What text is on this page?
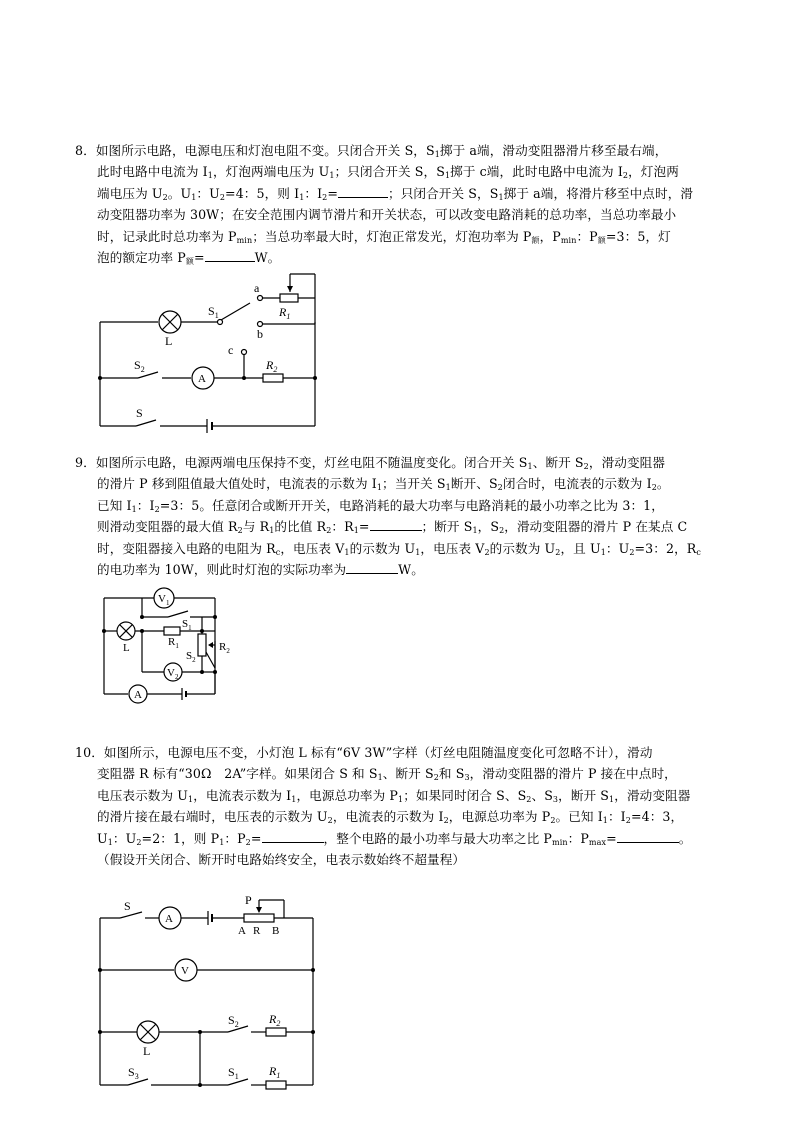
8．如图所示电路，电源电压和灯泡电阻不变。只闭合开关 S，$S_1$掷于 a端，滑动变阻器滑片移至最右端，

此时电路中电流为 $I_1$，灯泡两端电压为 $U_1$；只闭合开关 S，$S_1$掷于 c端，此时电路中电流为 $I_2$，灯泡两

端电压为 $U_2$。$U_1$：$U_2=4$：5，则 $I_1$：$I_2=$	；只闭合开关 S，$S_1$掷于 a端，将滑片移至中点时，滑

动变阻器功率为 30W；在安全范围内调节滑片和开关状态，可以改变电路消耗的总功率，当总功率最小

时，记录此时总功率为 $P_{min}$；当总功率最大时，灯泡正常发光，灯泡功率为 $P_额$，$P_{min}$：$P_额=3$：5，灯

泡的额定功率 $P_额=$	W。

L
$S_1$
a
b
c
$R_1$
$S_2$
A
$R_2$
S

9．如图所示电路，电源两端电压保持不变，灯丝电阻不随温度变化。闭合开关 $S_1$、断开 $S_2$，滑动变阻器

的滑片 P 移到阻值最大值处时，电流表的示数为 $I_1$；当开关 $S_1$断开、$S_2$闭合时，电流表的示数为 $I_2$。

已知 $I_1$：$I_2=3$：5。任意闭合或断开开关，电路消耗的最大功率与电路消耗的最小功率之比为 3：1，

则滑动变阻器的最大值 $R_2$与 $R_1$的比值 $R_2$：$R_1=$	；断开 $S_1$，$S_2$，滑动变阻器的滑片 P 在某点 C

时，变阻器接入电路的电阻为 $R_c$，电压表 $V_1$的示数为 $U_1$，电压表 $V_2$的示数为 $U_2$，且 $U_1$：$U_2=3$：2，$R_c$

的电功率为 10W，则此时灯泡的实际功率为	W。

$V_1$
$S_1$
L	$R_1$	$R_2$
$S_2$
$V_2$
A

10．如图所示，电源电压不变，小灯泡 L 标有“6V 3W”字样（灯丝电阻随温度变化可忽略不计），滑动

变阻器 R 标有“30Ω　2A”字样。如果闭合 S 和 $S_1$、断开 $S_2$和 $S_3$，滑动变阻器的滑片 P 接在中点时，

电压表示数为 $U_1$，电流表示数为 $I_1$，电源总功率为 $P_1$；如果同时闭合 S、$S_2$、$S_3$，断开 $S_1$，滑动变阻器

的滑片接在最右端时，电压表的示数为 $U_2$，电流表的示数为 $I_2$，电源总功率为 $P_2$。已知 $I_1$：$I_2=4$：3，

$U_1$：$U_2=2$：1，则 $P_1$：$P_2=$	，整个电路的最小功率与最大功率之比 $P_{min}$：$P_{max}=$	。

（假设开关闭合、断开时电路始终安全，电表示数始终不超量程）

S
A
P
A R B
V
L
$S_2$	$R_2$
$S_3$	$S_1$	$R_1$
